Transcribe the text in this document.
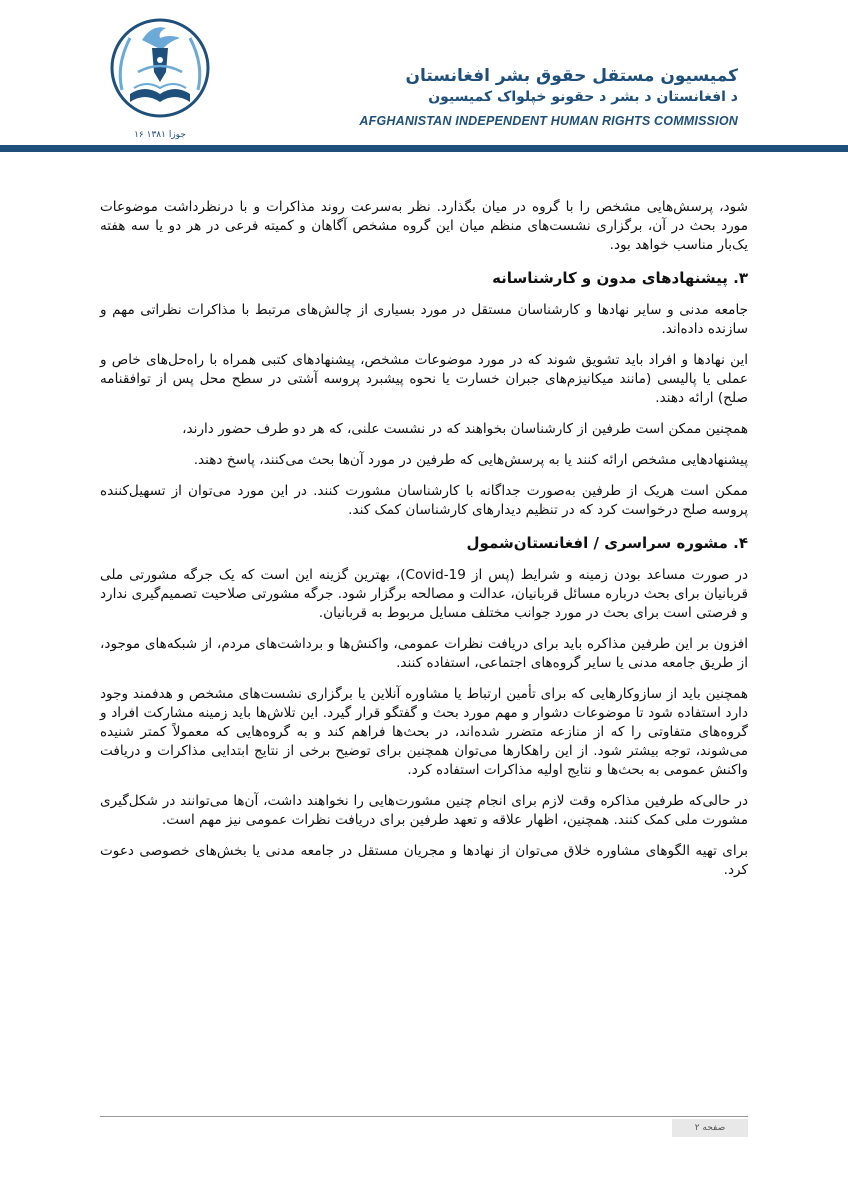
۱۶ جوزا ۱۳۸۱
کمیسیون مستقل حقوق بشر افغانستان
د افغانستان د بشر د حقونو خپلواک کمیسیون
AFGHANISTAN INDEPENDENT HUMAN RIGHTS COMMISSION

شود، پرسش‌هایی مشخص را با گروه در میان بگذارد. نظر به‌سرعت روند مذاکرات و با درنظرداشت موضوعات مورد بحث در آن، برگزاری نشست‌های منظم میان این گروه مشخص آگاهان و کمیته فرعی در هر دو یا سه هفته یک‌بار مناسب خواهد بود.

۳. پیشنهادهای مدون و کارشناسانه

جامعه مدنی و سایر نهادها و کارشناسان مستقل در مورد بسیاری از چالش‌های مرتبط با مذاکرات نظراتی مهم و سازنده داده‌اند.

این نهادها و افراد باید تشویق شوند که در مورد موضوعات مشخص، پیشنهادهای کتبی همراه با راه‌حل‌های خاص و عملی یا پالیسی (مانند میکانیزم‌های جبران خسارت یا نحوه پیشبرد پروسه آشتی در سطح محل پس از توافقنامه صلح) ارائه دهند.

همچنین ممکن است طرفین از کارشناسان بخواهند که در نشست علنی، که هر دو طرف حضور دارند،

پیشنهادهایی مشخص ارائه کنند یا به پرسش‌هایی که طرفین در مورد آن‌ها بحث می‌کنند، پاسخ دهند.

ممکن است هریک از طرفین به‌صورت جداگانه با کارشناسان مشورت کنند. در این مورد می‌توان از تسهیل‌کننده پروسه صلح درخواست کرد که در تنظیم دیدارهای کارشناسان کمک کند.

۴. مشوره سراسری / افغانستان‌شمول

در صورت مساعد بودن زمینه و شرایط (پس از Covid-19)، بهترین گزینه این است که یک جرگه مشورتی ملی قربانیان برای بحث درباره مسائل قربانیان، عدالت و مصالحه برگزار شود. جرگه مشورتی صلاحیت تصمیم‌گیری ندارد و فرصتی است برای بحث در مورد جوانب مختلف مسایل مربوط به قربانیان.

افزون بر این طرفین مذاکره باید برای دریافت نظرات عمومی، واکنش‌ها و برداشت‌های مردم، از شبکه‌های موجود، از طریق جامعه مدنی یا سایر گروه‌های اجتماعی، استفاده کنند.

همچنین باید از سازوکارهایی که برای تأمین ارتباط یا مشاوره آنلاین یا برگزاری نشست‌های مشخص و هدفمند وجود دارد استفاده شود تا موضوعات دشوار و مهم مورد بحث و گفتگو قرار گیرد. این تلاش‌ها باید زمینه مشارکت افراد و گروه‌های متفاوتی را که از منازعه متضرر شده‌اند، در بحث‌ها فراهم کند و به گروه‌هایی که معمولاً کمتر شنیده می‌شوند، توجه بیشتر شود. از این راهکارها می‌توان همچنین برای توضیح برخی از نتایج ابتدایی مذاکرات و دریافت واکنش عمومی به بحث‌ها و نتایج اولیه مذاکرات استفاده کرد.

در حالی‌که طرفین مذاکره وقت لازم برای انجام چنین مشورت‌هایی را نخواهند داشت، آن‌ها می‌توانند در شکل‌گیری مشورت ملی کمک کنند. همچنین، اظهار علاقه و تعهد طرفین برای دریافت نظرات عمومی نیز مهم است.

برای تهیه الگوهای مشاوره خلاق می‌توان از نهادها و مجریان مستقل در جامعه مدنی یا بخش‌های خصوصی دعوت کرد.

صفحه ۲
